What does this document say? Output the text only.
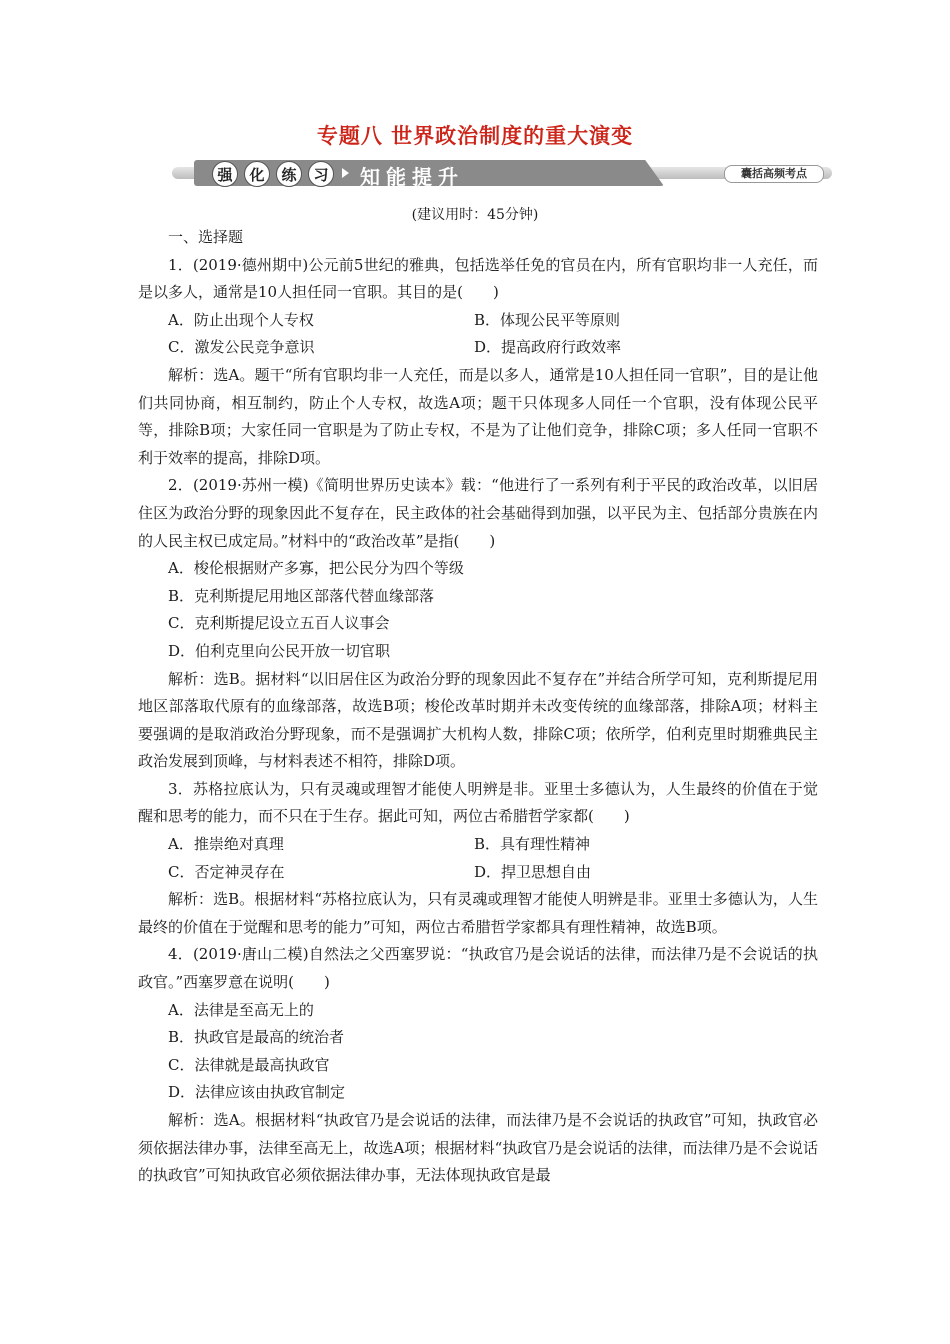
专题八 世界政治制度的重大演变
强	化	练	习 知能提升	囊括高频考点
(建议用时：45分钟)

一、选择题

1．(2019·德州期中)公元前5世纪的雅典，包括选举任免的官员在内，所有官职均非一人充任，而是以多人，通常是10人担任同一官职。其目的是(　　)

A．防止出现个人专权	B．体现公民平等原则
C．激发公民竞争意识	D．提高政府行政效率

解析：选A。题干“所有官职均非一人充任，而是以多人，通常是10人担任同一官职”，目的是让他们共同协商，相互制约，防止个人专权，故选A项；题干只体现多人同任一个官职，没有体现公民平等，排除B项；大家任同一官职是为了防止专权，不是为了让他们竞争，排除C项；多人任同一官职不利于效率的提高，排除D项。

2．(2019·苏州一模)《简明世界历史读本》载：“他进行了一系列有利于平民的政治改革，以旧居住区为政治分野的现象因此不复存在，民主政体的社会基础得到加强，以平民为主、包括部分贵族在内的人民主权已成定局。”材料中的“政治改革”是指(　　)

A．梭伦根据财产多寡，把公民分为四个等级
B．克利斯提尼用地区部落代替血缘部落
C．克利斯提尼设立五百人议事会
D．伯利克里向公民开放一切官职

解析：选B。据材料“以旧居住区为政治分野的现象因此不复存在”并结合所学可知，克利斯提尼用地区部落取代原有的血缘部落，故选B项；梭伦改革时期并未改变传统的血缘部落，排除A项；材料主要强调的是取消政治分野现象，而不是强调扩大机构人数，排除C项；依所学，伯利克里时期雅典民主政治发展到顶峰，与材料表述不相符，排除D项。

3．苏格拉底认为，只有灵魂或理智才能使人明辨是非。亚里士多德认为，人生最终的价值在于觉醒和思考的能力，而不只在于生存。据此可知，两位古希腊哲学家都(　　)

A．推崇绝对真理	B．具有理性精神
C．否定神灵存在	D．捍卫思想自由

解析：选B。根据材料“苏格拉底认为，只有灵魂或理智才能使人明辨是非。亚里士多德认为，人生最终的价值在于觉醒和思考的能力”可知，两位古希腊哲学家都具有理性精神，故选B项。

4．(2019·唐山二模)自然法之父西塞罗说：“执政官乃是会说话的法律，而法律乃是不会说话的执政官。”西塞罗意在说明(　　)

A．法律是至高无上的
B．执政官是最高的统治者
C．法律就是最高执政官
D．法律应该由执政官制定

解析：选A。根据材料“执政官乃是会说话的法律，而法律乃是不会说话的执政官”可知，执政官必须依据法律办事，法律至高无上，故选A项；根据材料“执政官乃是会说话的法律，而法律乃是不会说话的执政官”可知执政官必须依据法律办事，无法体现执政官是最
